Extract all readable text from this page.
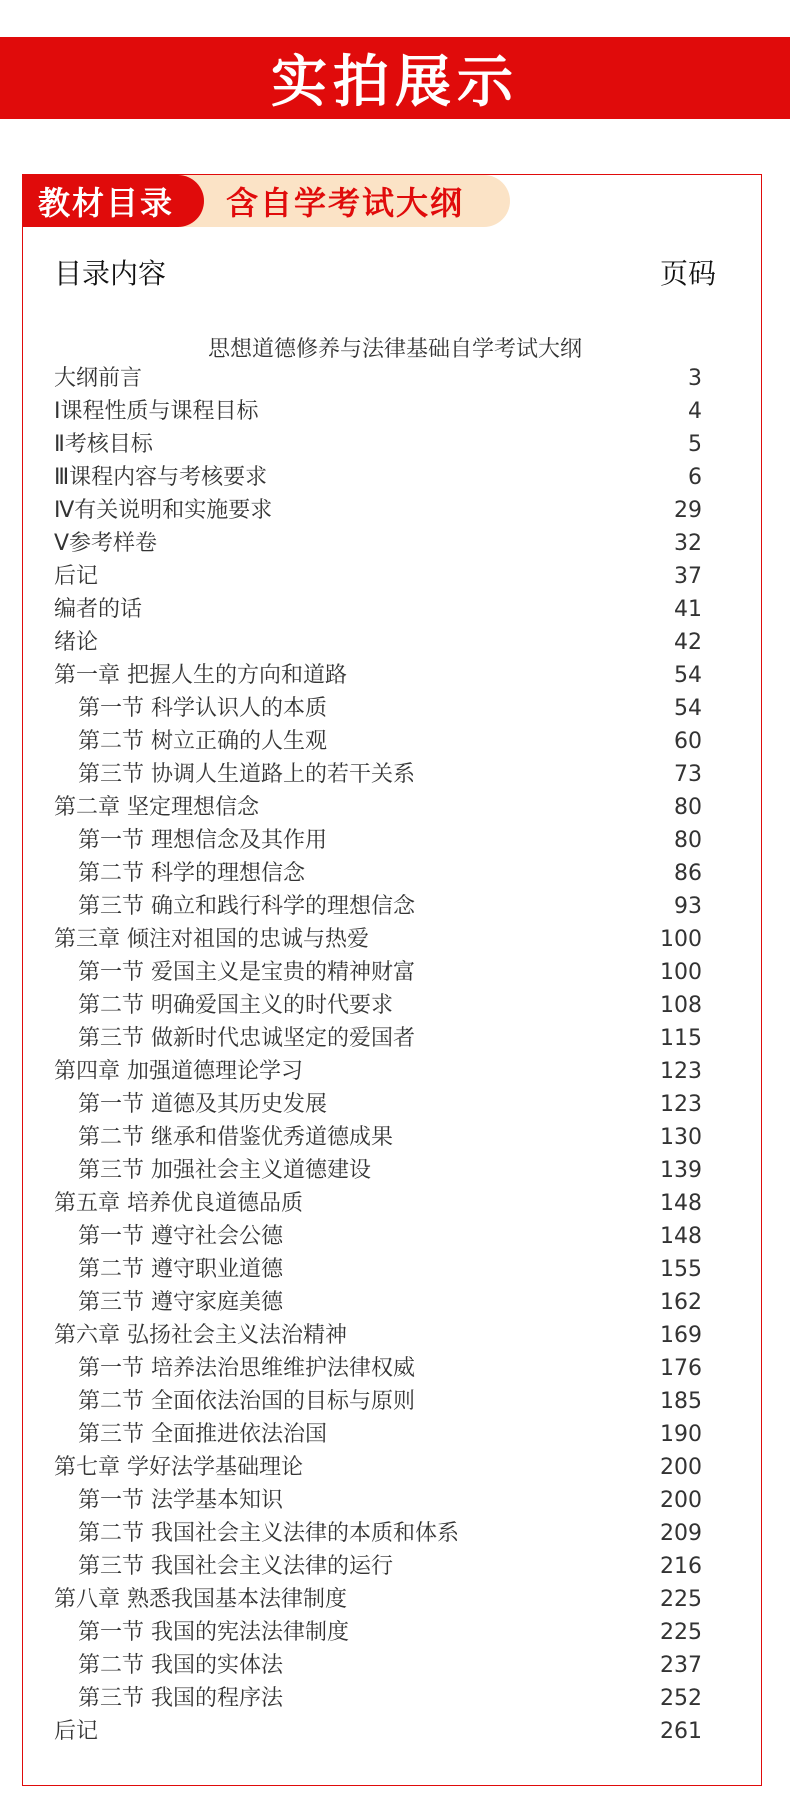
实拍展示
教材目录 含自学考试大纲
目录内容	页码
思想道德修养与法律基础自学考试大纲
大纲前言	3
Ⅰ课程性质与课程目标	4
Ⅱ考核目标	5
Ⅲ课程内容与考核要求	6
Ⅳ有关说明和实施要求	29
Ⅴ参考样卷	32
后记	37
编者的话	41
绪论	42
第一章 把握人生的方向和道路	54
第一节 科学认识人的本质	54
第二节 树立正确的人生观	60
第三节 协调人生道路上的若干关系	73
第二章 坚定理想信念	80
第一节 理想信念及其作用	80
第二节 科学的理想信念	86
第三节 确立和践行科学的理想信念	93
第三章 倾注对祖国的忠诚与热爱	100
第一节 爱国主义是宝贵的精神财富	100
第二节 明确爱国主义的时代要求	108
第三节 做新时代忠诚坚定的爱国者	115
第四章 加强道德理论学习	123
第一节 道德及其历史发展	123
第二节 继承和借鉴优秀道德成果	130
第三节 加强社会主义道德建设	139
第五章 培养优良道德品质	148
第一节 遵守社会公德	148
第二节 遵守职业道德	155
第三节 遵守家庭美德	162
第六章 弘扬社会主义法治精神	169
第一节 培养法治思维维护法律权威	176
第二节 全面依法治国的目标与原则	185
第三节 全面推进依法治国	190
第七章 学好法学基础理论	200
第一节 法学基本知识	200
第二节 我国社会主义法律的本质和体系	209
第三节 我国社会主义法律的运行	216
第八章 熟悉我国基本法律制度	225
第一节 我国的宪法法律制度	225
第二节 我国的实体法	237
第三节 我国的程序法	252
后记	261
